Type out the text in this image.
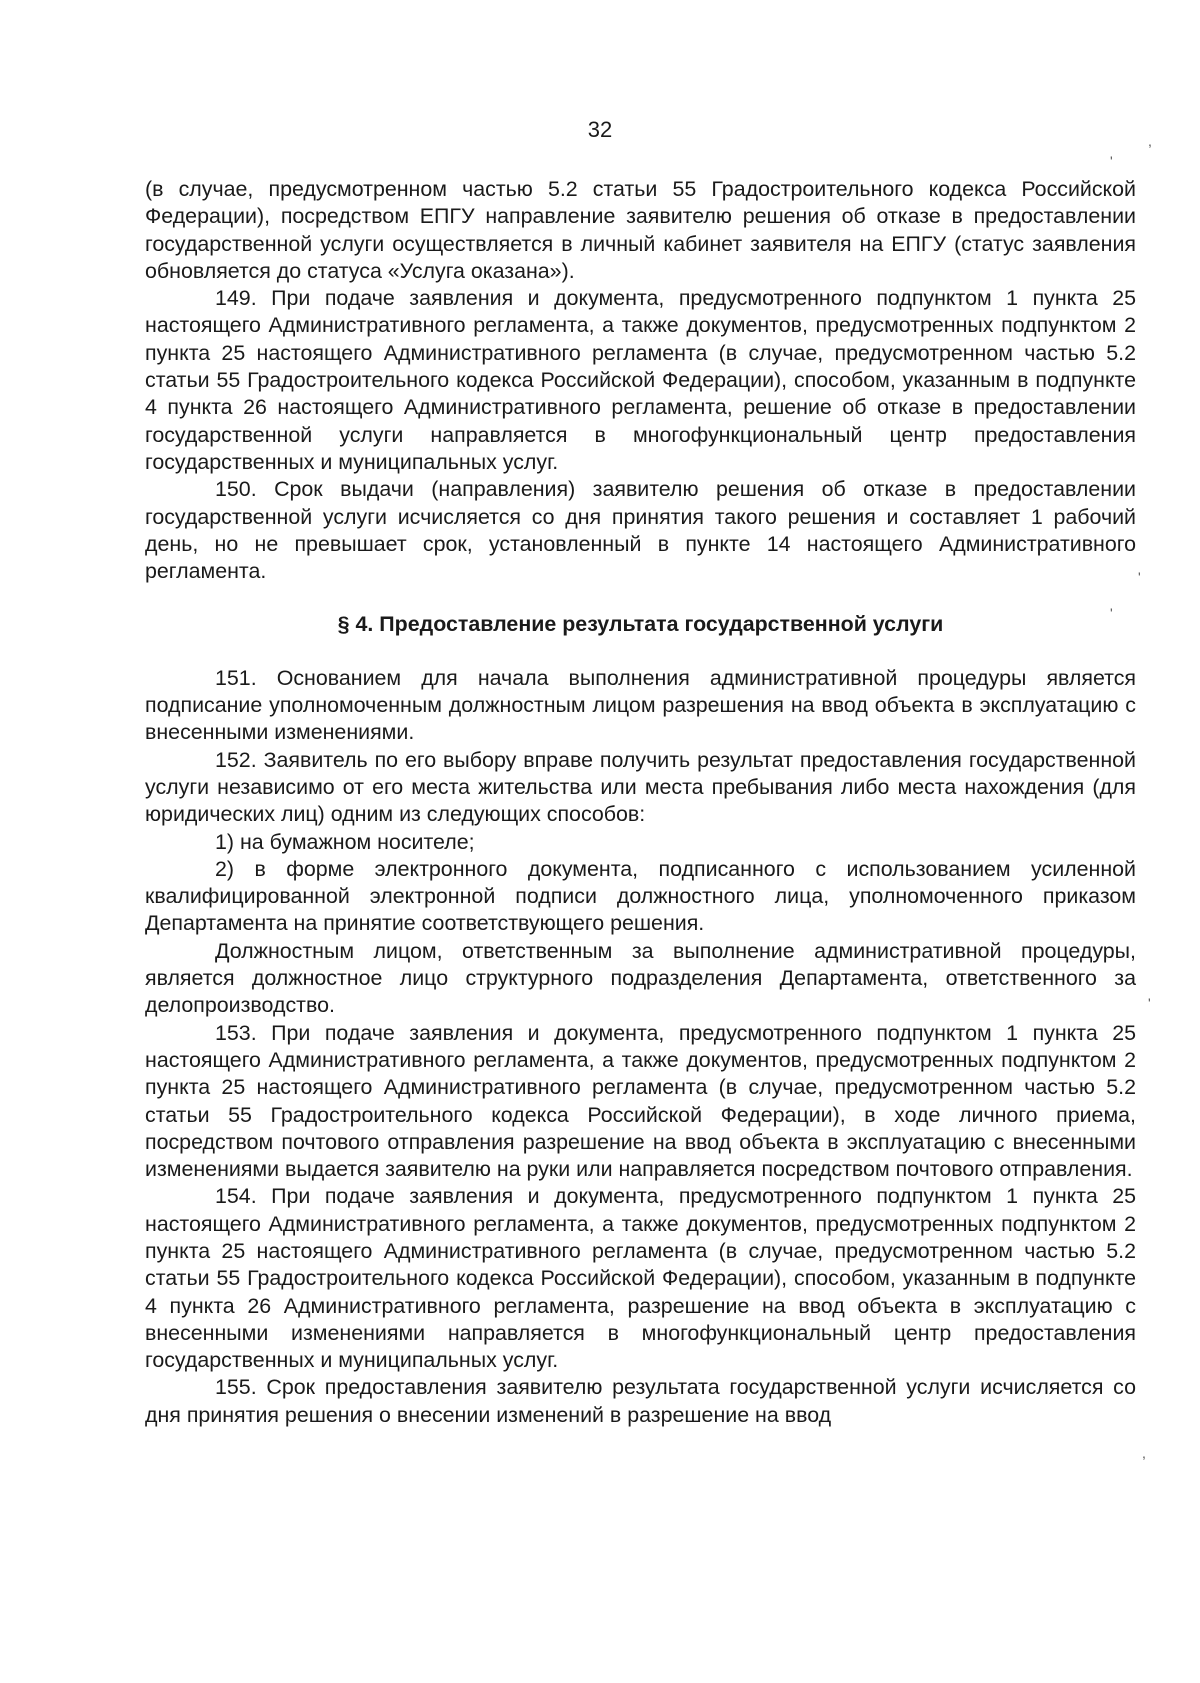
32	,
'
'
'
'
,

(в случае, предусмотренном частью 5.2 статьи 55 Градостроительного кодекса Российской Федерации), посредством ЕПГУ направление заявителю решения об отказе в предоставлении государственной услуги осуществляется в личный кабинет заявителя на ЕПГУ (статус заявления обновляется до статуса «Услуга оказана»).

149. При подаче заявления и документа, предусмотренного подпунктом 1 пункта 25 настоящего Административного регламента, а также документов, предусмотренных подпунктом 2 пункта 25 настоящего Административного регламента (в случае, предусмотренном частью 5.2 статьи 55 Градостроительного кодекса Российской Федерации), способом, указанным в подпункте 4 пункта 26 настоящего Административного регламента, решение об отказе в предоставлении государственной услуги направляется в многофункциональный центр предоставления государственных и муниципальных услуг.

150. Срок выдачи (направления) заявителю решения об отказе в предоставлении государственной услуги исчисляется со дня принятия такого решения и составляет 1 рабочий день, но не превышает срок, установленный в пункте 14 настоящего Административного регламента.

§ 4. Предоставление результата государственной услуги

151. Основанием для начала выполнения административной процедуры является подписание уполномоченным должностным лицом разрешения на ввод объекта в эксплуатацию с внесенными изменениями.

152. Заявитель по его выбору вправе получить результат предоставления государственной услуги независимо от его места жительства или места пребывания либо места нахождения (для юридических лиц) одним из следующих способов:

1) на бумажном носителе;

2) в форме электронного документа, подписанного с использованием усиленной квалифицированной электронной подписи должностного лица, уполномоченного приказом Департамента на принятие соответствующего решения.

Должностным лицом, ответственным за выполнение административной процедуры, является должностное лицо структурного подразделения Департамента, ответственного за делопроизводство.

153. При подаче заявления и документа, предусмотренного подпунктом 1 пункта 25 настоящего Административного регламента, а также документов, предусмотренных подпунктом 2 пункта 25 настоящего Административного регламента (в случае, предусмотренном частью 5.2 статьи 55 Градостроительного кодекса Российской Федерации), в ходе личного приема, посредством почтового отправления разрешение на ввод объекта в эксплуатацию с внесенными изменениями выдается заявителю на руки или направляется посредством почтового отправления.

154. При подаче заявления и документа, предусмотренного подпунктом 1 пункта 25 настоящего Административного регламента, а также документов, предусмотренных подпунктом 2 пункта 25 настоящего Административного регламента (в случае, предусмотренном частью 5.2 статьи 55 Градостроительного кодекса Российской Федерации), способом, указанным в подпункте 4 пункта 26 Административного регламента, разрешение на ввод объекта в эксплуатацию с внесенными изменениями направляется в многофункциональный центр предоставления государственных и муниципальных услуг.

155. Срок предоставления заявителю результата государственной услуги исчисляется со дня принятия решения о внесении изменений в разрешение на ввод
